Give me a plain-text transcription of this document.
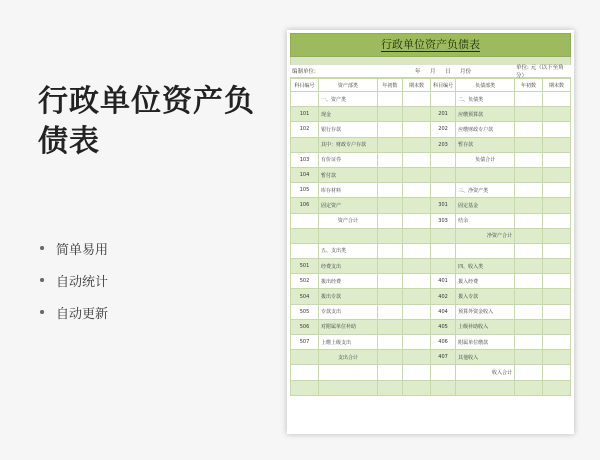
行政单位资产负债表
简单易用
自动统计
自动更新
行政单位资产负债表
编制单位:	年 月 日 月份
单位: 元（以下至角分）
科目编号	资产部类	年初数	期末数	科目编号	负债部类	年初数	期末数
	一、资产类				二、负债类		
101	现金			201	应缴预算款		
102	银行存款			202	应缴财政专户款		
	其中：财政专户存款			203	暂存款		
103	有价证券				负债合计		
104	暂付款						
105	库存材料				三、净资产类		
106	固定资产			301	固定基金		
	资产合计			303	结余		
					净资产合计		
	五、支出类						
501	经费支出				四、收入类		
502	拨出经费			401	拨入经费		
504	拨出专款			402	拨入专款		
505	专款支出			404	预算外资金收入		
506	对附属单位补助			405	上级补助收入		
507	上缴上级支出			406	附属单位缴款		
	支出合计			407	其他收入		
					收入合计		
